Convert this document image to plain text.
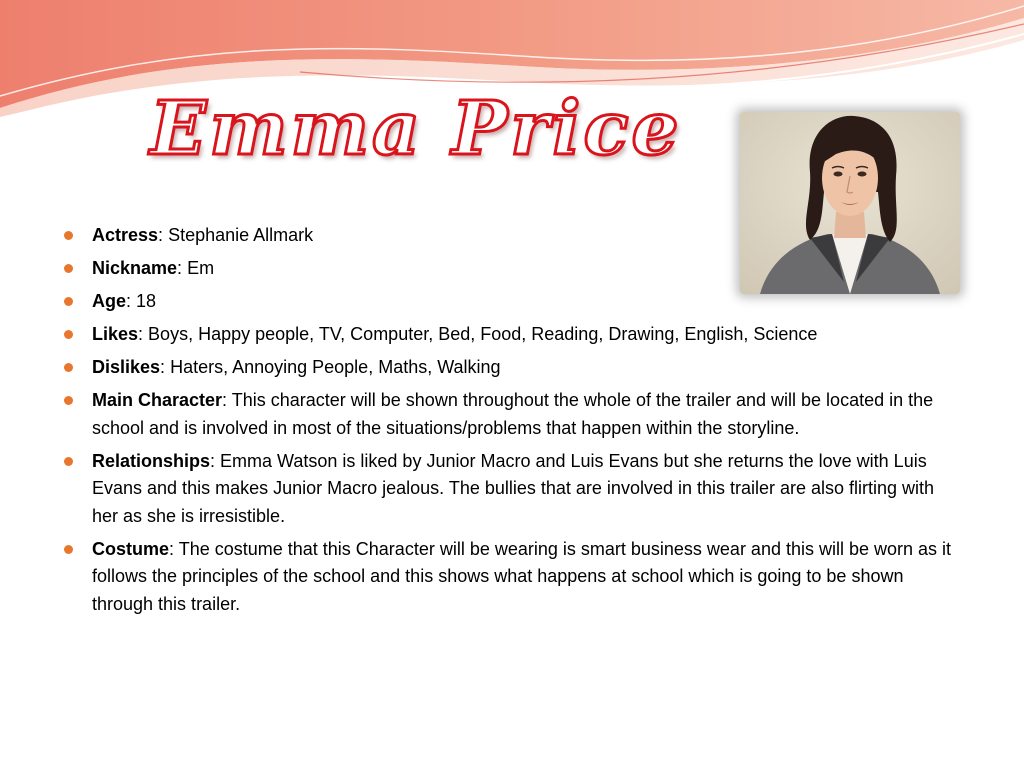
Emma Price
Actress: Stephanie Allmark
Nickname: Em
Age: 18
Likes: Boys, Happy people, TV, Computer, Bed, Food, Reading, Drawing, English, Science
Dislikes: Haters, Annoying People, Maths, Walking
Main Character: This character will be shown throughout the whole of the trailer and will be located in the school and is involved in most of the situations/problems that happen within the storyline.
Relationships: Emma Watson is liked by Junior Macro and Luis Evans but she returns the love with Luis Evans and this makes Junior Macro jealous. The bullies that are involved in this trailer are also flirting with her as she is irresistible.
Costume: The costume that this Character will be wearing is smart business wear and this will be worn as it follows the principles of the school and this shows what happens at school which is going to be shown through this trailer.
